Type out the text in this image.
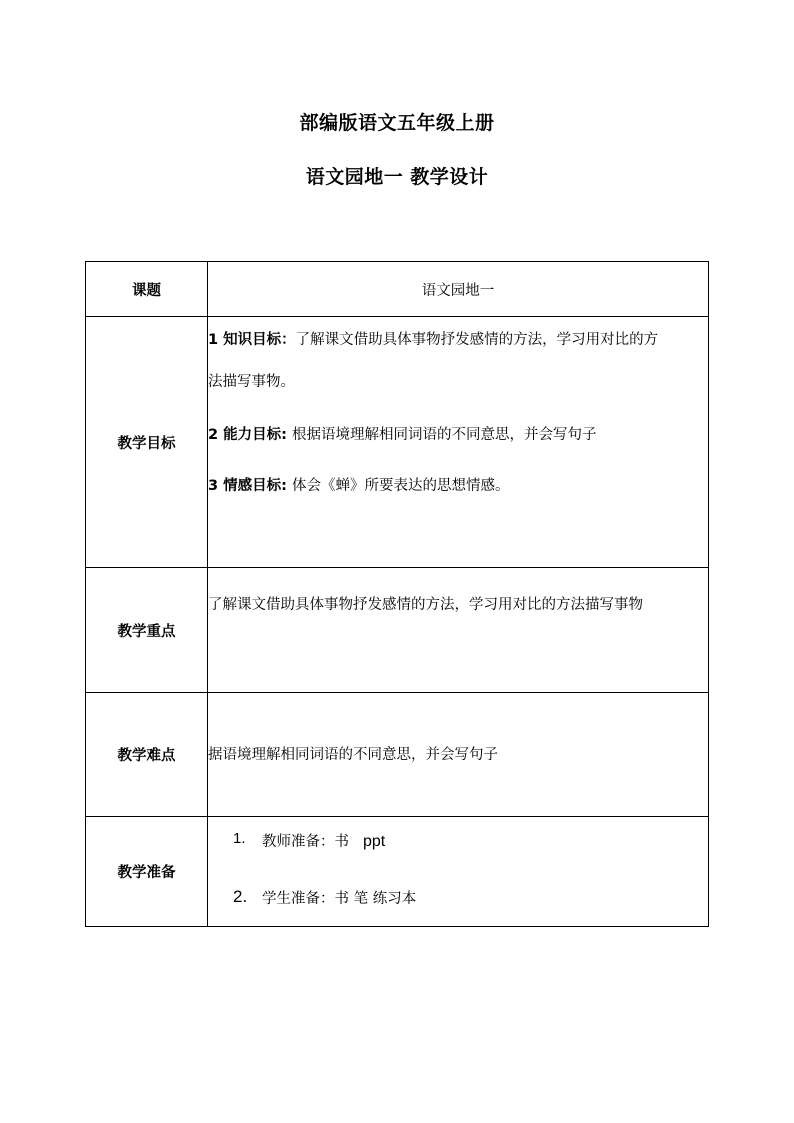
部编版语文五年级上册
语文园地一 教学设计
课题	语文园地一
教学目标	1 知识目标：了解课文借助具体事物抒发感情的方法，学习用对比的方
法描写事物。
2 能力目标: 根据语境理解相同词语的不同意思，并会写句子
3 情感目标: 体会《蝉》所要表达的思想情感。

教学重点	了解课文借助具体事物抒发感情的方法，学习用对比的方法描写事物

教学难点	据语境理解相同词语的不同意思，并会写句子

教学准备	1. 教师准备：书 ppt
2. 学生准备：书 笔 练习本
